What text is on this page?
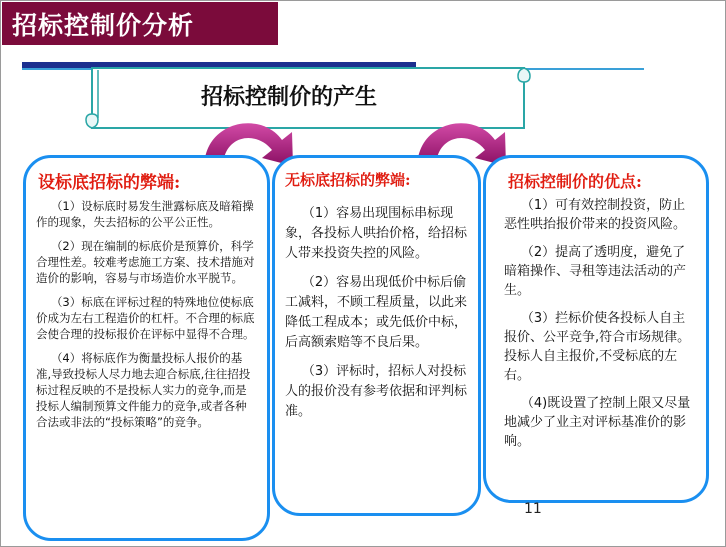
招标控制价分析
招标控制价的产生
设标底招标的弊端:

（1）设标底时易发生泄露标底及暗箱操作的现象，失去招标的公平公正性。

（2）现在编制的标底价是预算价，科学合理性差。较难考虑施工方案、技术措施对造价的影响，容易与市场造价水平脱节。

（3）标底在评标过程的特殊地位使标底价成为左右工程造价的杠杆。不合理的标底会使合理的投标报价在评标中显得不合理。

（4）将标底作为衡量投标人报价的基准,导致投标人尽力地去迎合标底,往往招投标过程反映的不是投标人实力的竞争,而是投标人编制预算文件能力的竞争,或者各种合法或非法的“投标策略”的竞争。

无标底招标的弊端:

（1）容易出现围标串标现象，各投标人哄抬价格，给招标人带来投资失控的风险。

（2）容易出现低价中标后偷工减料，不顾工程质量，以此来降低工程成本；或先低价中标，后高额索赔等不良后果。

（3）评标时，招标人对投标人的报价没有参考依据和评判标准。

招标控制价的优点:

（1）可有效控制投资，防止恶性哄抬报价带来的投资风险。

（2）提高了透明度，避免了暗箱操作、寻租等违法活动的产生。

（3）拦标价使各投标人自主报价、公平竞争,符合市场规律。投标人自主报价,不受标底的左右。

（4)既设置了控制上限又尽量地减少了业主对评标基准价的影响。

11
